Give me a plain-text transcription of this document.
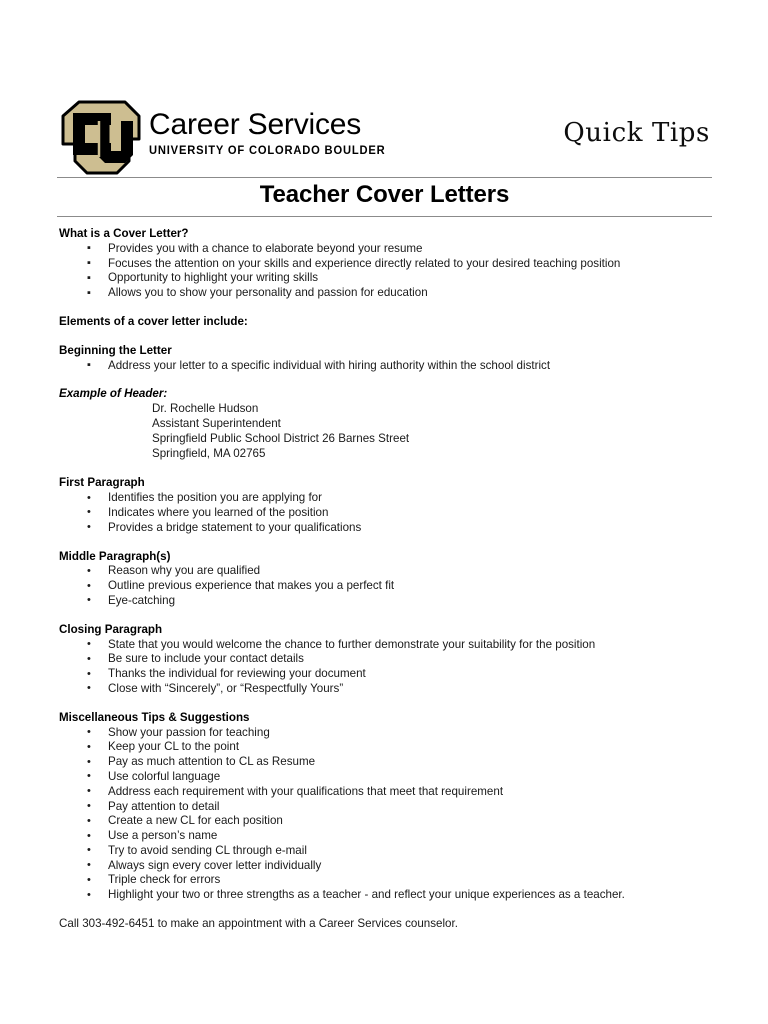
Career Services
UNIVERSITY OF COLORADO BOULDER
Quick Tips
Teacher Cover Letters
What is a Cover Letter?
▪ Provides you with a chance to elaborate beyond your resume
▪ Focuses the attention on your skills and experience directly related to your desired teaching position
▪ Opportunity to highlight your writing skills
▪ Allows you to show your personality and passion for education
Elements of a cover letter include:
Beginning the Letter
▪ Address your letter to a specific individual with hiring authority within the school district
Example of Header:
Dr. Rochelle Hudson
Assistant Superintendent
Springfield Public School District 26 Barnes Street
Springfield, MA 02765
First Paragraph
• Identifies the position you are applying for
• Indicates where you learned of the position
• Provides a bridge statement to your qualifications
Middle Paragraph(s)
• Reason why you are qualified
• Outline previous experience that makes you a perfect fit
• Eye-catching
Closing Paragraph
• State that you would welcome the chance to further demonstrate your suitability for the position
• Be sure to include your contact details
• Thanks the individual for reviewing your document
• Close with “Sincerely”, or “Respectfully Yours”
Miscellaneous Tips & Suggestions
• Show your passion for teaching
• Keep your CL to the point
• Pay as much attention to CL as Resume
• Use colorful language
• Address each requirement with your qualifications that meet that requirement
• Pay attention to detail
• Create a new CL for each position
• Use a person’s name
• Try to avoid sending CL through e-mail
• Always sign every cover letter individually
• Triple check for errors
• Highlight your two or three strengths as a teacher - and reflect your unique experiences as a teacher.
Call 303-492-6451 to make an appointment with a Career Services counselor.
